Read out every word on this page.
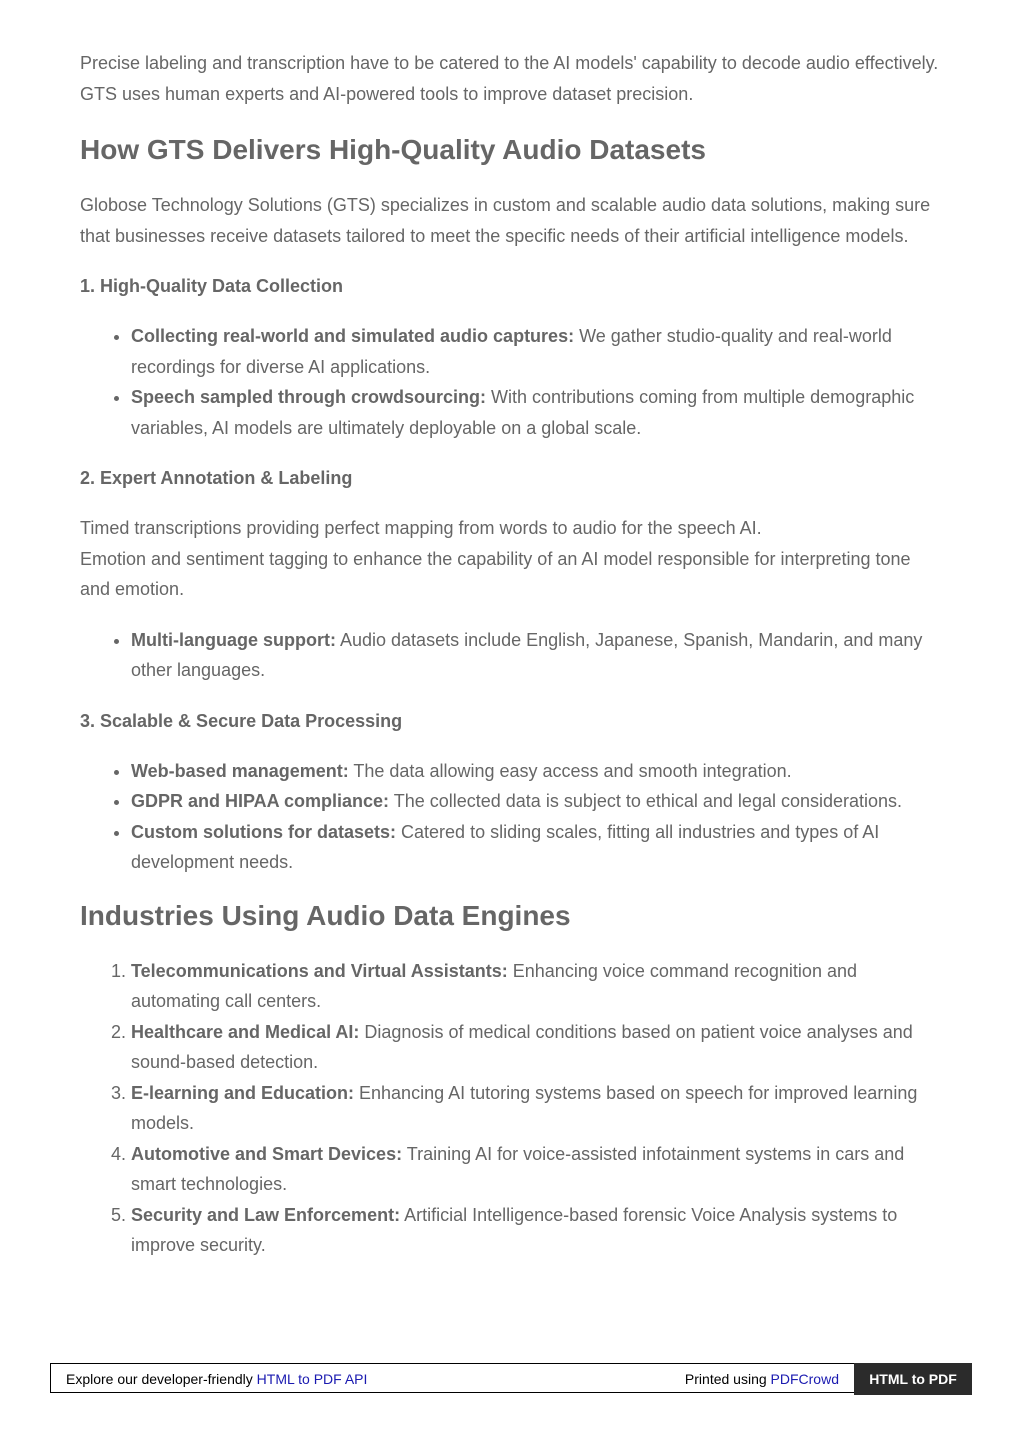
Precise labeling and transcription have to be catered to the AI models' capability to decode audio effectively. GTS uses human experts and AI-powered tools to improve dataset precision.

How GTS Delivers High-Quality Audio Datasets

Globose Technology Solutions (GTS) specializes in custom and scalable audio data solutions, making sure that businesses receive datasets tailored to meet the specific needs of their artificial intelligence models.

1. High-Quality Data Collection
• Collecting real-world and simulated audio captures: We gather studio-quality and real-world recordings for diverse AI applications.
• Speech sampled through crowdsourcing: With contributions coming from multiple demographic variables, AI models are ultimately deployable on a global scale.
2. Expert Annotation & Labeling

Timed transcriptions providing perfect mapping from words to audio for the speech AI.

Emotion and sentiment tagging to enhance the capability of an AI model responsible for interpreting tone and emotion.

• Multi-language support: Audio datasets include English, Japanese, Spanish, Mandarin, and many other languages.
3. Scalable & Secure Data Processing
• Web-based management: The data allowing easy access and smooth integration.
• GDPR and HIPAA compliance: The collected data is subject to ethical and legal considerations.
• Custom solutions for datasets: Catered to sliding scales, fitting all industries and types of AI development needs.
Industries Using Audio Data Engines
1. Telecommunications and Virtual Assistants: Enhancing voice command recognition and automating call centers.
2. Healthcare and Medical AI: Diagnosis of medical conditions based on patient voice analyses and sound-based detection.
3. E-learning and Education: Enhancing AI tutoring systems based on speech for improved learning models.
4. Automotive and Smart Devices: Training AI for voice-assisted infotainment systems in cars and smart technologies.
5. Security and Law Enforcement: Artificial Intelligence-based forensic Voice Analysis systems to improve security.
Explore our developer-friendly HTML to PDF API	Printed using PDFCrowd	HTML to PDF
